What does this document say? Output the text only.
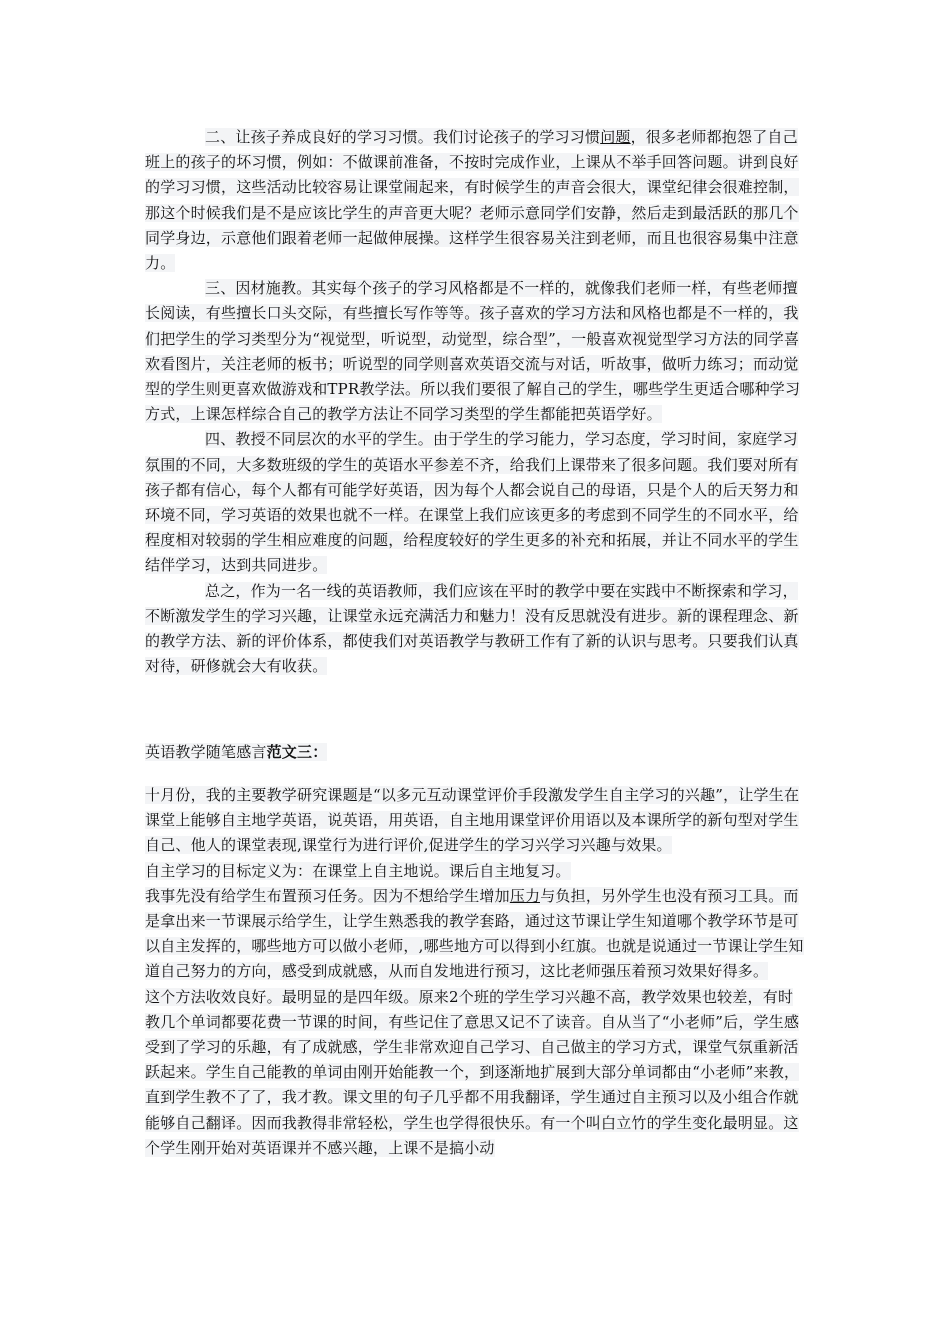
二、让孩子养成良好的学习习惯。我们讨论孩子的学习习惯问题，很多老师都抱怨了自己班上的孩子的坏习惯，例如：不做课前准备，不按时完成作业，上课从不举手回答问题。讲到良好的学习习惯，这些活动比较容易让课堂闹起来，有时候学生的声音会很大，课堂纪律会很难控制，那这个时候我们是不是应该比学生的声音更大呢？老师示意同学们安静，然后走到最活跃的那几个同学身边，示意他们跟着老师一起做伸展操。这样学生很容易关注到老师，而且也很容易集中注意力。

三、因材施教。其实每个孩子的学习风格都是不一样的，就像我们老师一样，有些老师擅长阅读，有些擅长口头交际，有些擅长写作等等。孩子喜欢的学习方法和风格也都是不一样的，我们把学生的学习类型分为“视觉型，听说型，动觉型，综合型”，一般喜欢视觉型学习方法的同学喜欢看图片，关注老师的板书；听说型的同学则喜欢英语交流与对话，听故事，做听力练习；而动觉型的学生则更喜欢做游戏和TPR教学法。所以我们要很了解自己的学生，哪些学生更适合哪种学习方式，上课怎样综合自己的教学方法让不同学习类型的学生都能把英语学好。

四、教授不同层次的水平的学生。由于学生的学习能力，学习态度，学习时间，家庭学习氛围的不同，大多数班级的学生的英语水平参差不齐，给我们上课带来了很多问题。我们要对所有孩子都有信心，每个人都有可能学好英语，因为每个人都会说自己的母语，只是个人的后天努力和环境不同，学习英语的效果也就不一样。在课堂上我们应该更多的考虑到不同学生的不同水平，给程度相对较弱的学生相应难度的问题，给程度较好的学生更多的补充和拓展，并让不同水平的学生结伴学习，达到共同进步。

总之，作为一名一线的英语教师，我们应该在平时的教学中要在实践中不断探索和学习，不断激发学生的学习兴趣，让课堂永远充满活力和魅力！没有反思就没有进步。新的课程理念、新的教学方法、新的评价体系，都使我们对英语教学与教研工作有了新的认识与思考。只要我们认真对待，研修就会大有收获。

英语教学随笔感言范文三：

十月份，我的主要教学研究课题是“以多元互动课堂评价手段激发学生自主学习的兴趣”，让学生在课堂上能够自主地学英语，说英语，用英语，自主地用课堂评价用语以及本课所学的新句型对学生自己、他人的课堂表现,课堂行为进行评价,促进学生的学习兴学习兴趣与效果。

自主学习的目标定义为：在课堂上自主地说。课后自主地复习。

我事先没有给学生布置预习任务。因为不想给学生增加压力与负担，另外学生也没有预习工具。而是拿出来一节课展示给学生，让学生熟悉我的教学套路，通过这节课让学生知道哪个教学环节是可以自主发挥的，哪些地方可以做小老师，,哪些地方可以得到小红旗。也就是说通过一节课让学生知道自己努力的方向，感受到成就感，从而自发地进行预习，这比老师强压着预习效果好得多。

这个方法收效良好。最明显的是四年级。原来2个班的学生学习兴趣不高，教学效果也较差，有时教几个单词都要花费一节课的时间，有些记住了意思又记不了读音。自从当了“小老师”后，学生感受到了学习的乐趣，有了成就感，学生非常欢迎自己学习、自己做主的学习方式，课堂气氛重新活跃起来。学生自己能教的单词由刚开始能教一个，到逐渐地扩展到大部分单词都由“小老师”来教，直到学生教不了了，我才教。课文里的句子几乎都不用我翻译，学生通过自主预习以及小组合作就能够自己翻译。因而我教得非常轻松，学生也学得很快乐。有一个叫白立竹的学生变化最明显。这个学生刚开始对英语课并不感兴趣，上课不是搞小动
